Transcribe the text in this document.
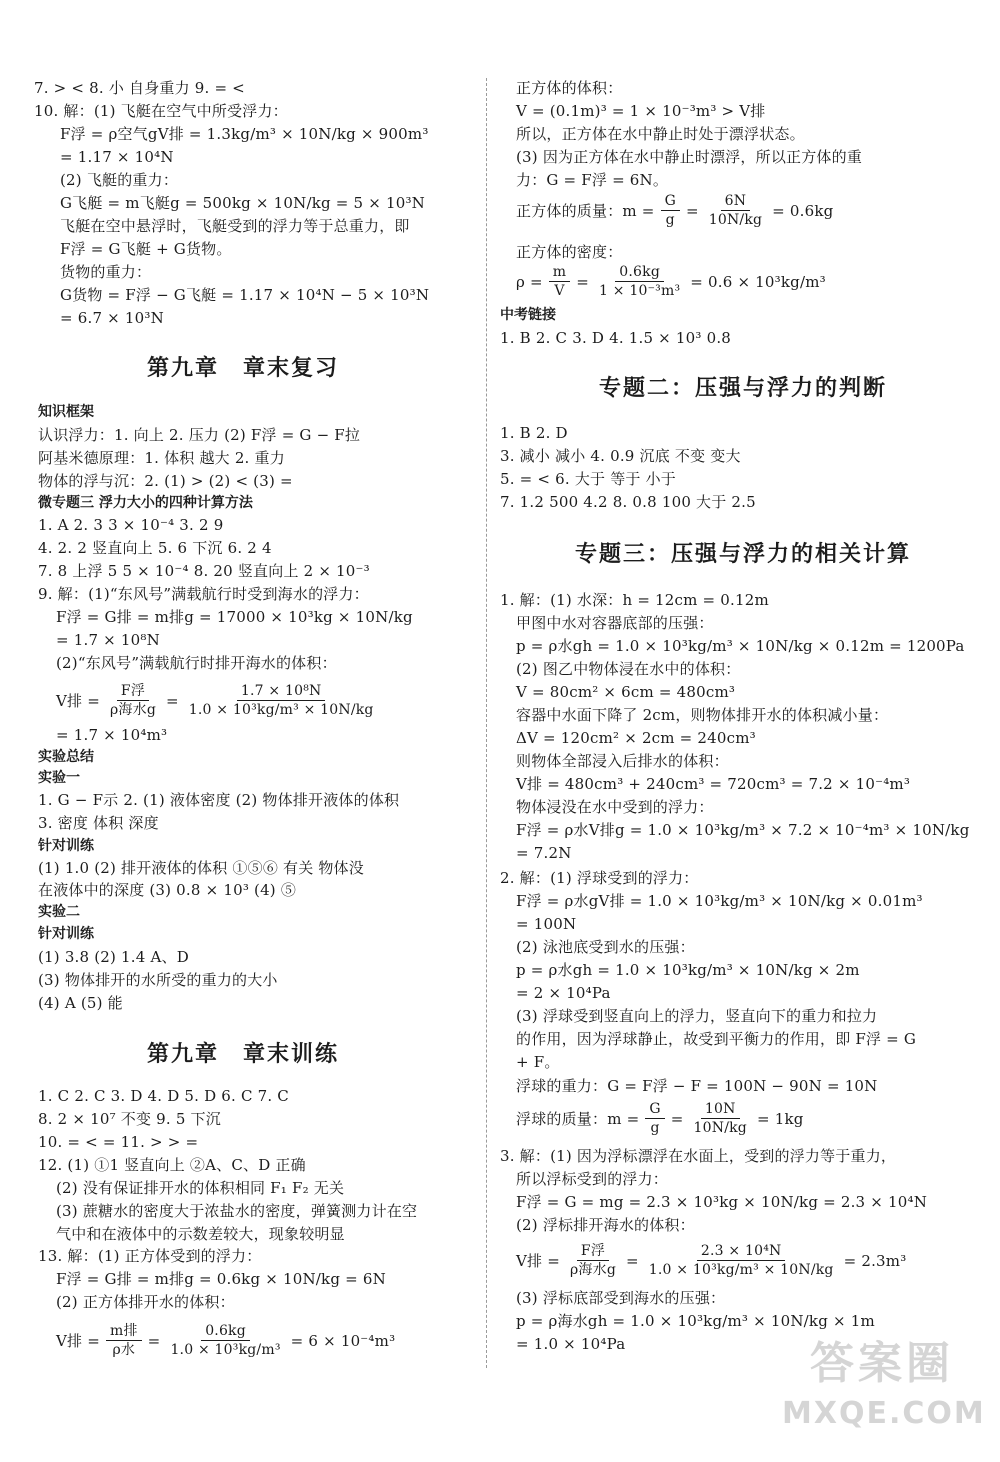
7. > < 8. 小 自身重力 9. = <
10. 解：(1) 飞艇在空气中所受浮力：
F浮 = ρ空气gV排 = 1.3kg/m³ × 10N/kg × 900m³
= 1.17 × 10⁴N
(2) 飞艇的重力：
G飞艇 = m飞艇g = 500kg × 10N/kg = 5 × 10³N
飞艇在空中悬浮时，飞艇受到的浮力等于总重力，即
F浮 = G飞艇 + G货物。
货物的重力：
G货物 = F浮 − G飞艇 = 1.17 × 10⁴N − 5 × 10³N
= 6.7 × 10³N
第九章　章末复习
知识框架
认识浮力：1. 向上 2. 压力 (2) F浮 = G − F拉
阿基米德原理：1. 体积 越大 2. 重力
物体的浮与沉：2. (1) > (2) < (3) =
微专题三 浮力大小的四种计算方法
1. A 2. 3 3 × 10⁻⁴ 3. 2 9
4. 2. 2 竖直向上 5. 6 下沉 6. 2 4
7. 8 上浮 5 5 × 10⁻⁴ 8. 20 竖直向上 2 × 10⁻³
9. 解：(1)“东风号”满载航行时受到海水的浮力：
F浮 = G排 = m排g = 17000 × 10³kg × 10N/kg
= 1.7 × 10⁸N
(2)“东风号”满载航行时排开海水的体积：
V排 =
F浮
ρ海水g
= $\frac{\text{1.7 × 10⁸N}}{\text{1.0 × 10³kg/m³ × 10N/kg}}$
= 1.7 × 10⁴m³
实验总结
实验一
1. G − F示 2. (1) 液体密度 (2) 物体排开液体的体积
3. 密度 体积 深度
针对训练
(1) 1.0 (2) 排开液体的体积 ①⑤⑥ 有关 物体没
在液体中的深度 (3) 0.8 × 10³ (4) ⑤
实验二
针对训练
(1) 3.8 (2) 1.4 A、D
(3) 物体排开的水所受的重力的大小
(4) A (5) 能
第九章　章末训练
1. C 2. C 3. D 4. D 5. D 6. C 7. C
8. 2 × 10⁷ 不变 9. 5 下沉
10. = < = 11. > > =
12. (1) ①1 竖直向上 ②A、C、D 正确
(2) 没有保证排开水的体积相同 F₁ F₂ 无关
(3) 蔗糖水的密度大于浓盐水的密度，弹簧测力计在空
气中和在液体中的示数差较大，现象较明显
13. 解：(1) 正方体受到的浮力：
F浮 = G排 = m排g = 0.6kg × 10N/kg = 6N
(2) 正方体排开水的体积：
V排 =
m排
ρ水
= $\frac{0.6kg}{\text{1.0 × 10³kg/m³}} = 6 \times 10^{-4}m^3$
正方体的体积：
V = (0.1m)³ = 1 × 10⁻³m³ > V排
所以，正方体在水中静止时处于漂浮状态。
(3) 因为正方体在水中静止时漂浮，所以正方体的重
力：G = F浮 = 6N。
正方体的质量：$m = \frac{G}{g} = \frac{6N}{10N/kg} = 0.6kg$
正方体的密度：
$\rho = \frac{m}{V} = \frac{0.6kg}{\text{1 × 10⁻³m³}} = 0.6 \times 10^3kg/m^3$
中考链接
1. B 2. C 3. D 4. 1.5 × 10³ 0.8
专题二：压强与浮力的判断
1. B 2. D
3. 减小 减小 4. 0.9 沉底 不变 变大
5. = < 6. 大于 等于 小于
7. 1.2 500 4.2 8. 0.8 100 大于 2.5
专题三：压强与浮力的相关计算
1. 解：(1) 水深：h = 12cm = 0.12m
甲图中水对容器底部的压强：
p = ρ水gh = 1.0 × 10³kg/m³ × 10N/kg × 0.12m = 1200Pa
(2) 图乙中物体浸在水中的体积：
V = 80cm² × 6cm = 480cm³
容器中水面下降了 2cm，则物体排开水的体积减小量：
ΔV = 120cm² × 2cm = 240cm³
则物体全部浸入后排水的体积：
V排 = 480cm³ + 240cm³ = 720cm³ = 7.2 × 10⁻⁴m³
物体浸没在水中受到的浮力：
F浮 = ρ水V排g = 1.0 × 10³kg/m³ × 7.2 × 10⁻⁴m³ × 10N/kg
= 7.2N
2. 解：(1) 浮球受到的浮力：
F浮 = ρ水gV排 = 1.0 × 10³kg/m³ × 10N/kg × 0.01m³
= 100N
(2) 泳池底受到水的压强：
p = ρ水gh = 1.0 × 10³kg/m³ × 10N/kg × 2m
= 2 × 10⁴Pa
(3) 浮球受到竖直向上的浮力，竖直向下的重力和拉力
的作用，因为浮球静止，故受到平衡力的作用，即 F浮 = G
+ F。
浮球的重力：G = F浮 − F = 100N − 90N = 10N
浮球的质量：$m = \frac{G}{g} = \frac{10N}{10N/kg} = 1kg$
3. 解：(1) 因为浮标漂浮在水面上，受到的浮力等于重力，
所以浮标受到的浮力：
F浮 = G = mg = 2.3 × 10³kg × 10N/kg = 2.3 × 10⁴N
(2) 浮标排开海水的体积：
V排 =
F浮
ρ海水g
= $\frac{\text{2.3 × 10⁴N}}{\text{1.0 × 10³kg/m³ × 10N/kg}} = 2.3m^3$
(3) 浮标底部受到海水的压强：
p = ρ海水gh = 1.0 × 10³kg/m³ × 10N/kg × 1m
= 1.0 × 10⁴Pa	答案圈
MXQE.COM
